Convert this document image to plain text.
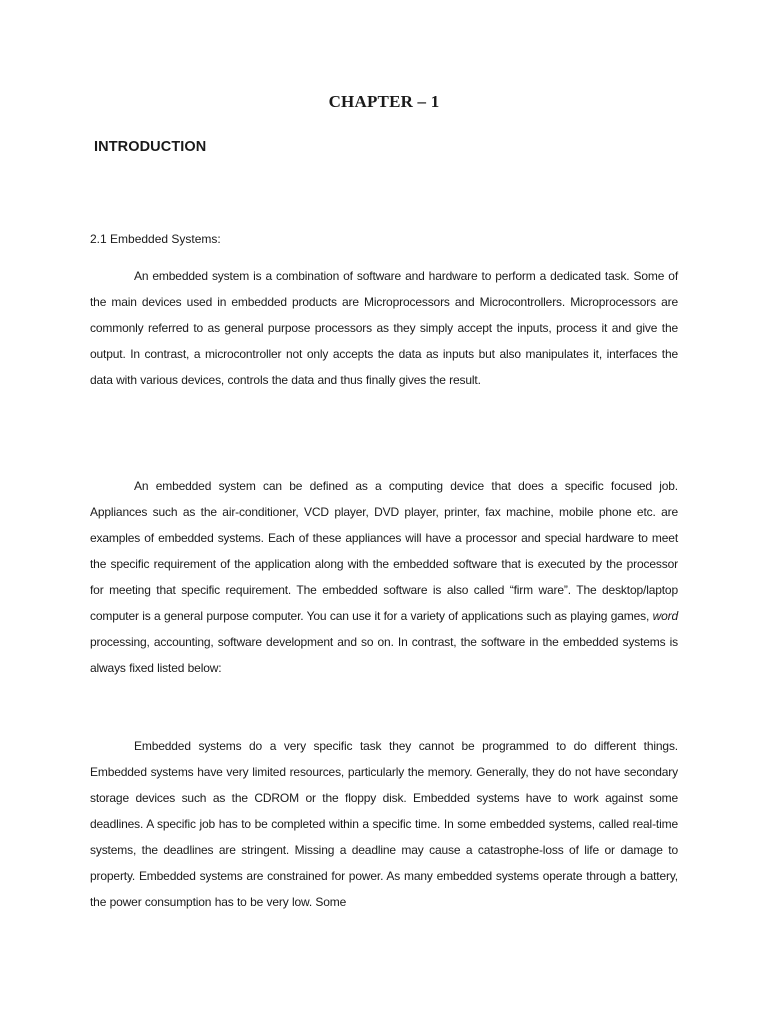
CHAPTER – 1
INTRODUCTION
2.1 Embedded Systems:

An embedded system is a combination of software and hardware to perform a dedicated task. Some of the main devices used in embedded products are Microprocessors and Microcontrollers. Microprocessors are commonly referred to as general purpose processors as they simply accept the inputs, process it and give the output. In contrast, a microcontroller not only accepts the data as inputs but also manipulates it, interfaces the data with various devices, controls the data and thus finally gives the result.

An embedded system can be defined as a computing device that does a specific focused job. Appliances such as the air-conditioner, VCD player, DVD player, printer, fax machine, mobile phone etc. are examples of embedded systems. Each of these appliances will have a processor and special hardware to meet the specific requirement of the application along with the embedded software that is executed by the processor for meeting that specific requirement. The embedded software is also called “firm ware”. The desktop/laptop computer is a general purpose computer. You can use it for a variety of applications such as playing games, word processing, accounting, software development and so on. In contrast, the software in the embedded systems is always fixed listed below:

Embedded systems do a very specific task they cannot be programmed to do different things. Embedded systems have very limited resources, particularly the memory. Generally, they do not have secondary storage devices such as the CDROM or the floppy disk. Embedded systems have to work against some deadlines. A specific job has to be completed within a specific time. In some embedded systems, called real-time systems, the deadlines are stringent. Missing a deadline may cause a catastrophe-loss of life or damage to property. Embedded systems are constrained for power. As many embedded systems operate through a battery, the power consumption has to be very low. Some
